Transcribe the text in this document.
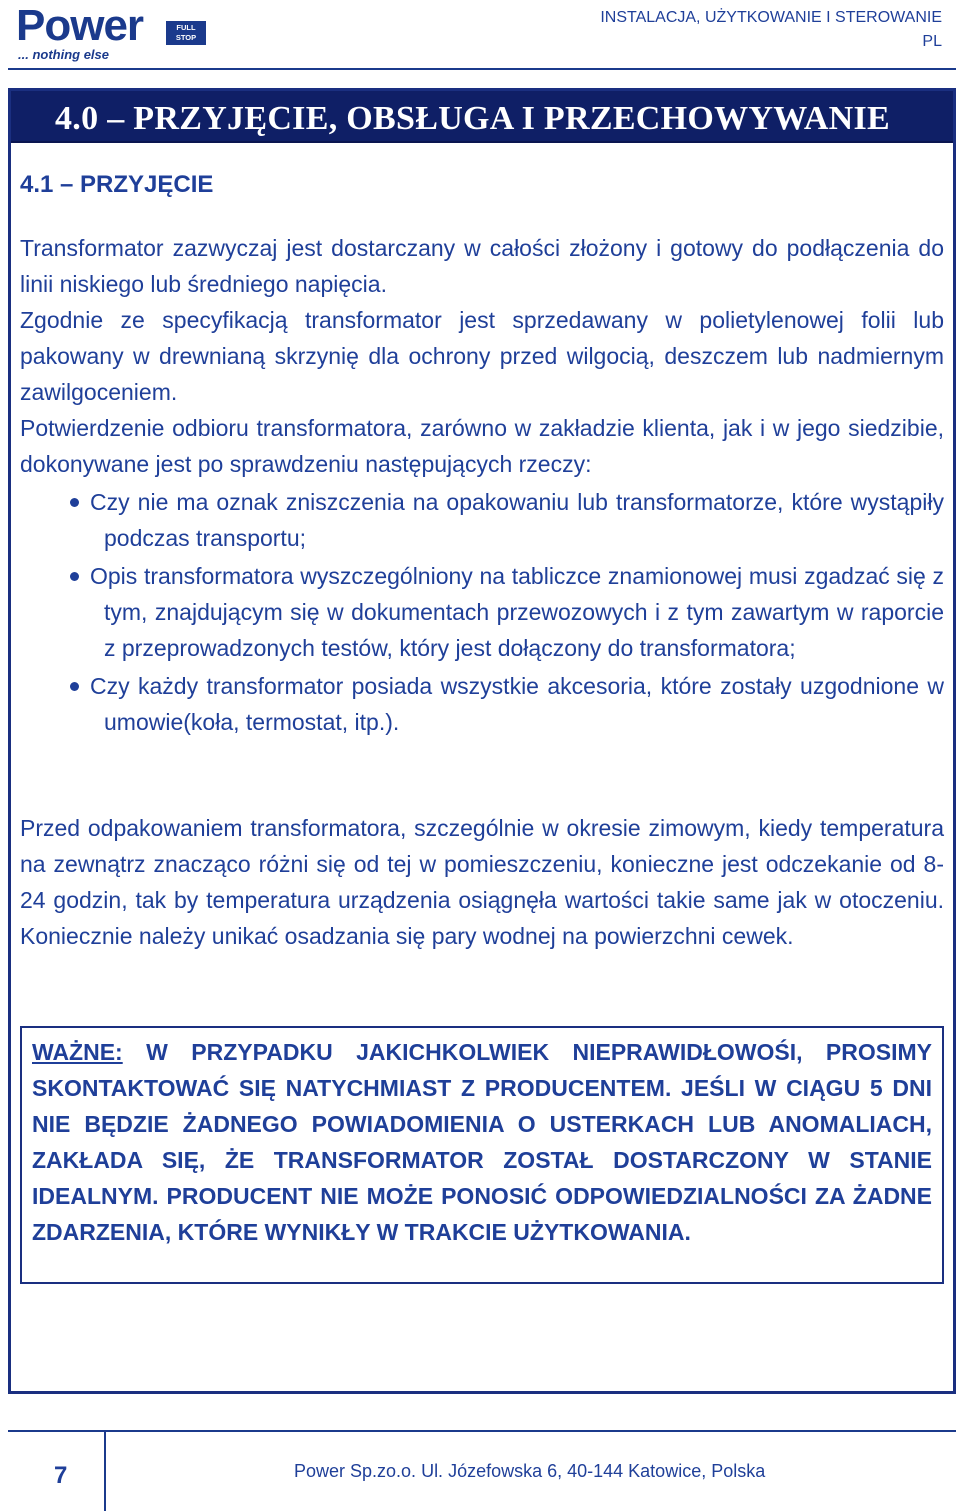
Power	FULL
STOP
... nothing else
INSTALACJA, UŻYTKOWANIE I STEROWANIE
PL
4.0 – PRZYJĘCIE, OBSŁUGA I PRZECHOWYWANIE
4.1 – PRZYJĘCIE

Transformator zazwyczaj jest dostarczany w całości złożony i gotowy do podłączenia do linii niskiego lub średniego napięcia.

Zgodnie ze specyfikacją transformator jest sprzedawany w polietylenowej folii lub pakowany w drewnianą skrzynię dla ochrony przed wilgocią, deszczem lub nadmiernym zawilgoceniem.

Potwierdzenie odbioru transformatora, zarówno w zakładzie klienta, jak i w jego siedzibie, dokonywane jest po sprawdzeniu następujących rzeczy:

Czy nie ma oznak zniszczenia na opakowaniu lub transformatorze, które wystąpiły podczas transportu;
Opis transformatora wyszczególniony na tabliczce znamionowej musi zgadzać się z tym, znajdującym się w dokumentach przewozowych i z tym zawartym w raporcie z przeprowadzonych testów, który jest dołączony do transformatora;
Czy każdy transformator posiada wszystkie akcesoria, które zostały uzgodnione w umowie(koła, termostat, itp.).

Przed odpakowaniem transformatora, szczególnie w okresie zimowym, kiedy temperatura na zewnątrz znacząco różni się od tej w pomieszczeniu, konieczne jest odczekanie od 8-24 godzin, tak by temperatura urządzenia osiągnęła wartości takie same jak w otoczeniu. Koniecznie należy unikać osadzania się pary wodnej na powierzchni cewek.

WAŻNE: W PRZYPADKU JAKICHKOLWIEK NIEPRAWIDŁOWOŚI, PROSIMY SKONTAKTOWAĆ SIĘ NATYCHMIAST Z PRODUCENTEM. JEŚLI W CIĄGU 5 DNI NIE BĘDZIE ŻADNEGO POWIADOMIENIA O USTERKACH LUB ANOMALIACH, ZAKŁADA SIĘ, ŻE TRANSFORMATOR ZOSTAŁ DOSTARCZONY W STANIE IDEALNYM. PRODUCENT NIE MOŻE PONOSIĆ ODPOWIEDZIALNOŚCI ZA ŻADNE ZDARZENIA, KTÓRE WYNIKŁY W TRAKCIE UŻYTKOWANIA.

7	Power Sp.zo.o. Ul. Józefowska 6, 40-144 Katowice, Polska
